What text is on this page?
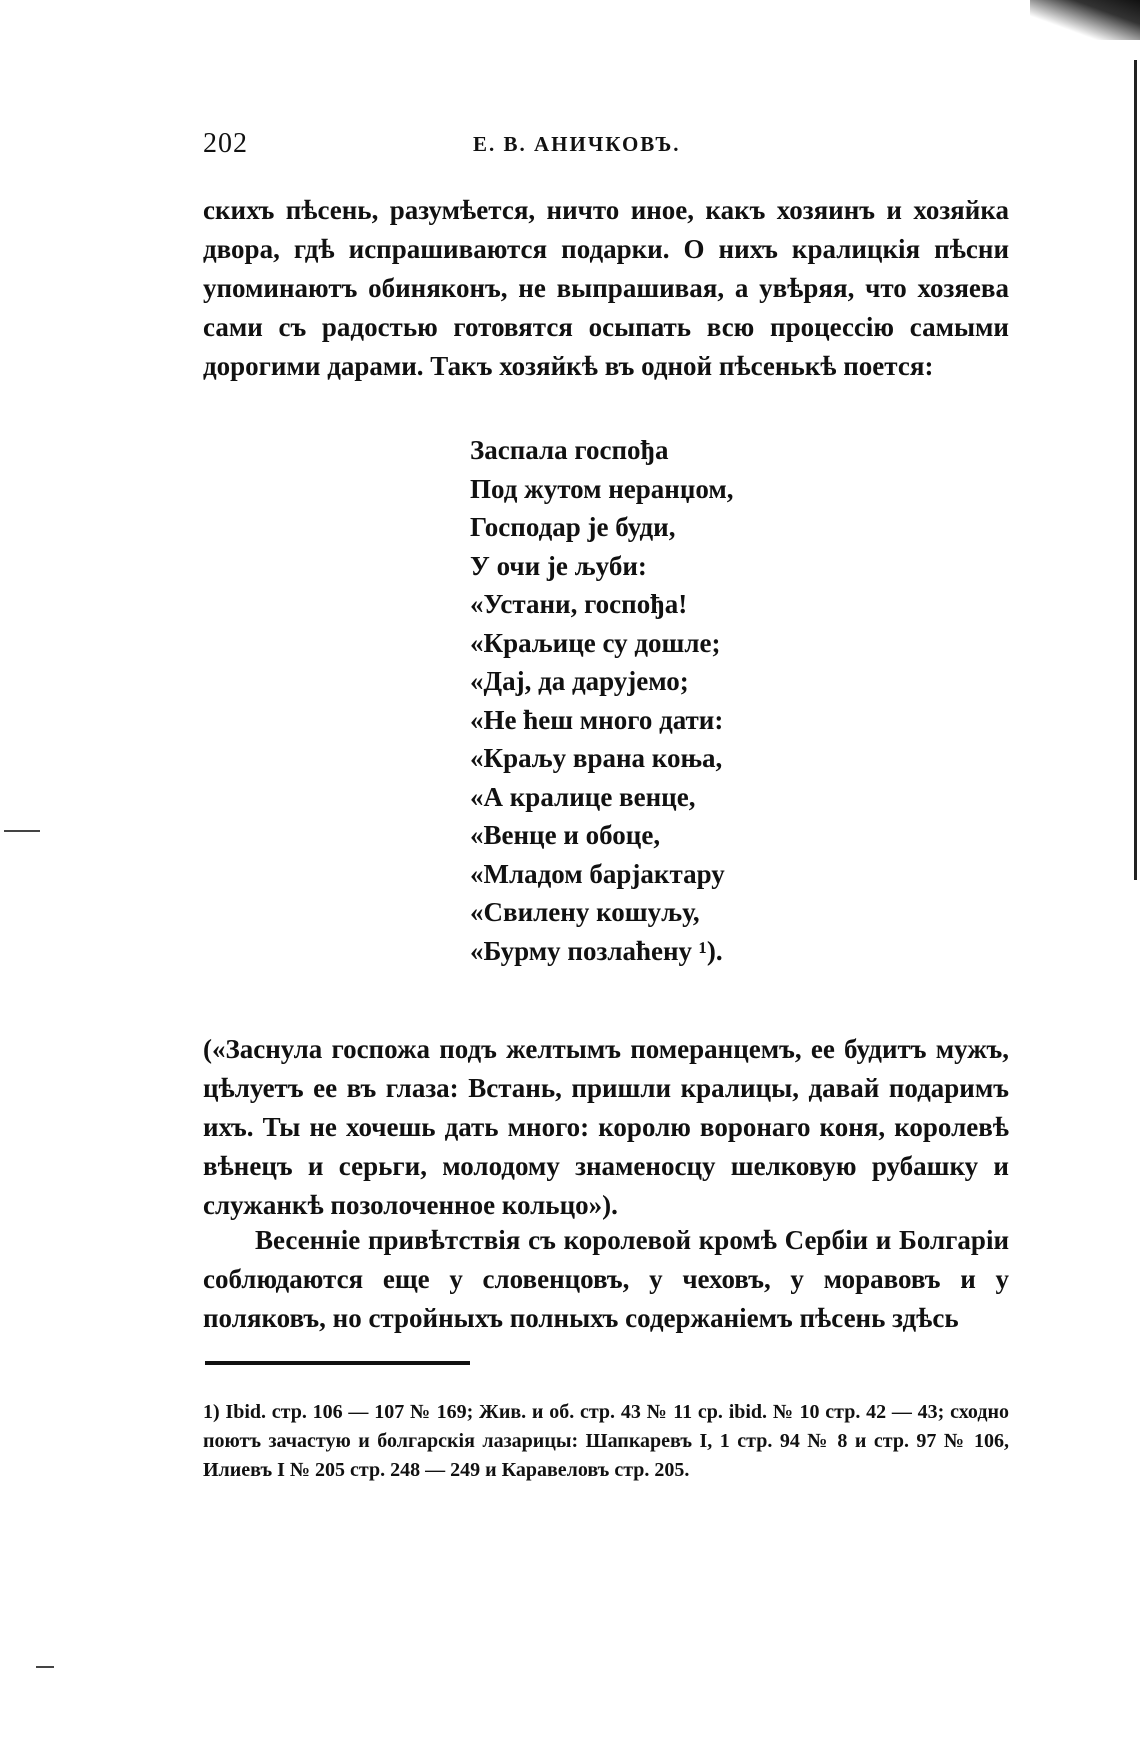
202	Е. В. АНИЧКОВЪ.

скихъ пѣсень, разумѣется, ничто иное, какъ хозяинъ и хозяйка двора, гдѣ испрашиваются подарки. О нихъ кралицкія пѣсни упоминаютъ обиняконъ, не выпрашивая, а увѣряя, что хозяева сами съ радостью готовятся осыпать всю процессію самыми дорогими дарами. Такъ хозяйкѣ въ одной пѣсенькѣ поется:

Заспала госпођа
Под жутом неранџом,
Господар је буди,
У очи је љуби:
«Устани, госпођа!
«Краљице су дошле;
«Дај, да даруjемо;
«Не ћеш много дати:
«Краљу врана коња,
«А кралице венце,
«Венце и обоце,
«Младом барјактару
«Свилену кошуљу,
«Бурму позлаћену ¹).

(«Заснула госпожа подъ желтымъ померанцемъ, ее будитъ мужъ, цѣлуетъ ее въ глаза: Встань, пришли кралицы, давай подаримъ ихъ. Ты не хочешь дать много: королю воронаго коня, королевѣ вѣнецъ и серьги, молодому знаменосцу шелковую рубашку и служанкѣ позолоченное кольцо»).

Весенніе привѣтствія съ королевой кромѣ Сербіи и Болгаріи соблюдаются еще у словенцовъ, у чеховъ, у моравовъ и у поляковъ, но стройныхъ полныхъ содержаніемъ пѣсень здѣсь

1) Ibid. стр. 106 — 107 № 169; Жив. и об. стр. 43 № 11 ср. ibid. № 10 стр. 42 — 43; сходно поютъ зачастую и болгарскія лазарицы: Шапкаревъ I, 1 стр. 94 № 8 и стр. 97 № 106, Илиевъ I № 205 стр. 248 — 249 и Каравеловъ стр. 205.
